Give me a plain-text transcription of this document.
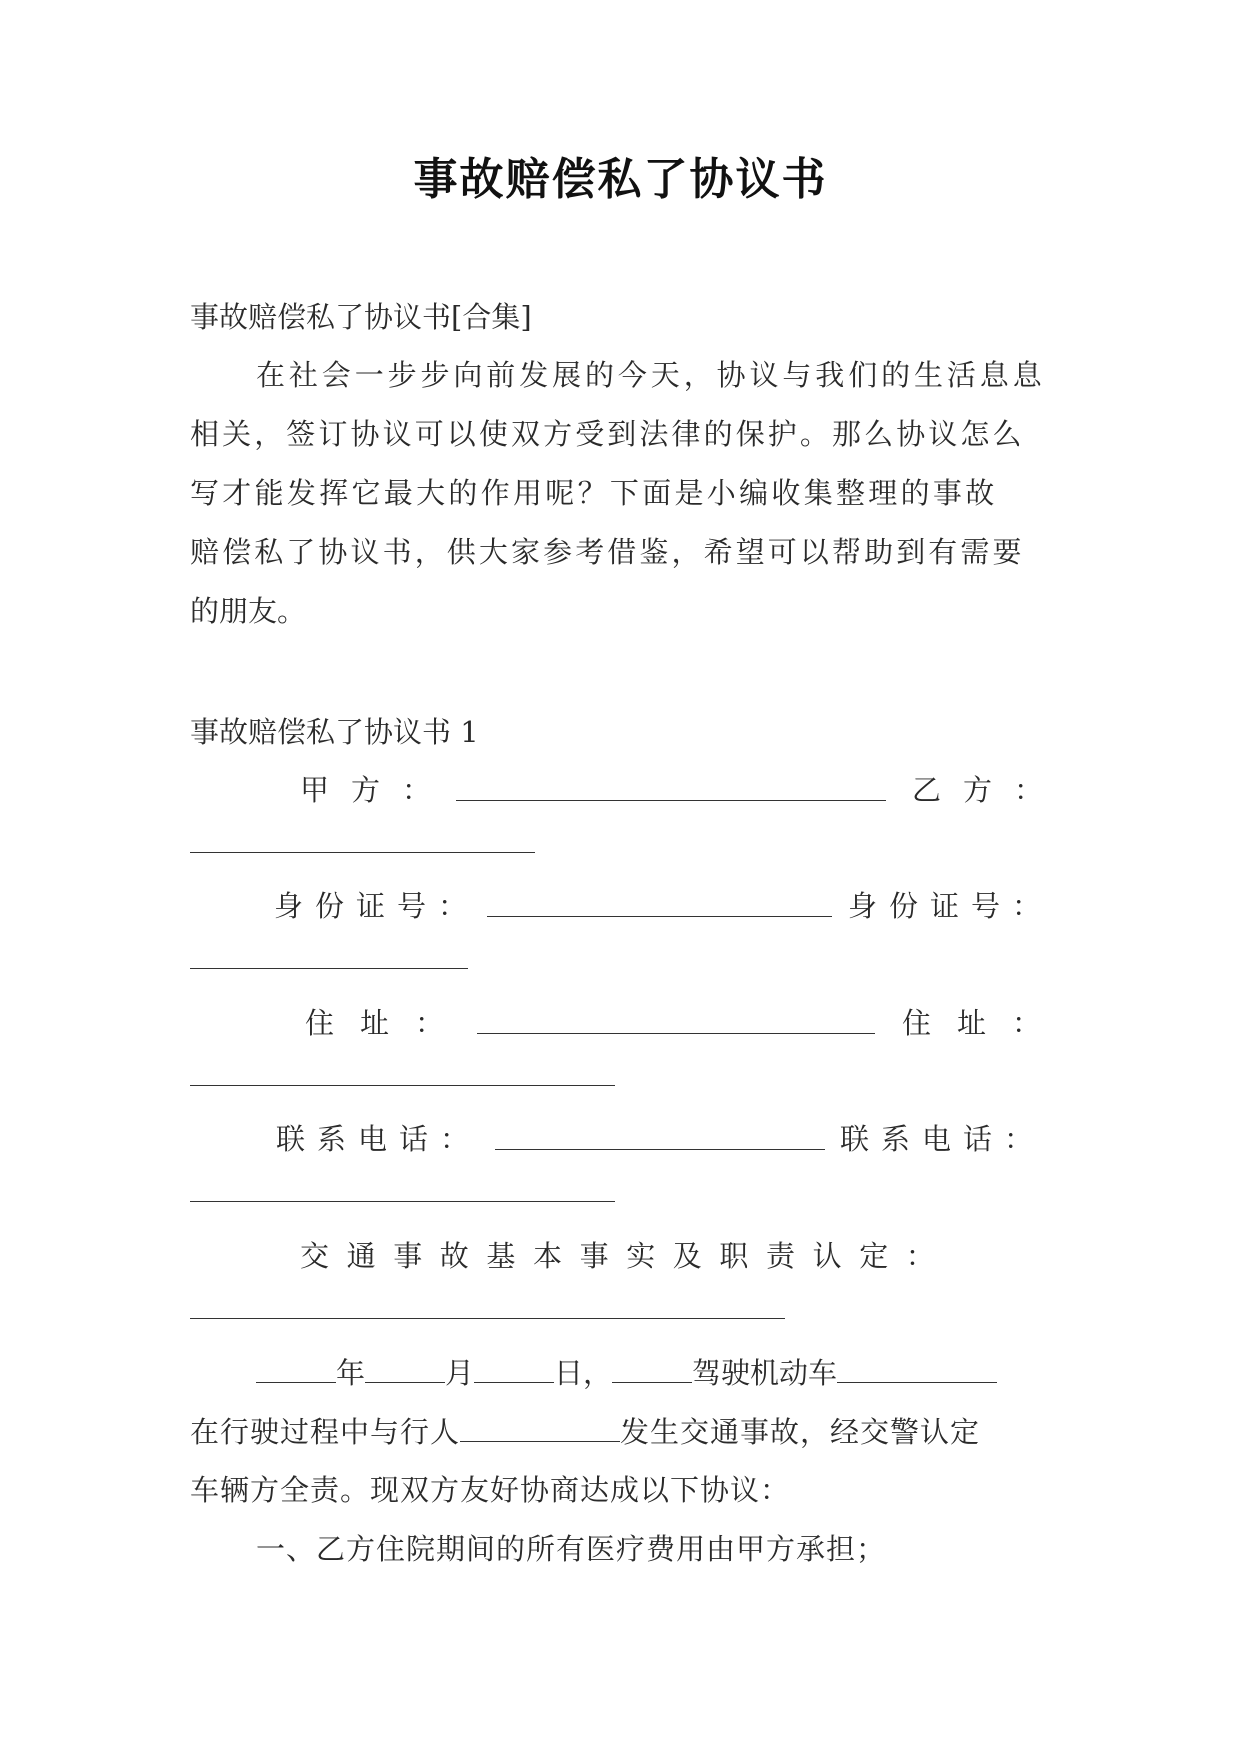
事故赔偿私了协议书
事故赔偿私了协议书[合集]
在社会一步步向前发展的今天，协议与我们的生活息息
相关，签订协议可以使双方受到法律的保护。那么协议怎么
写才能发挥它最大的作用呢？下面是小编收集整理的事故
赔偿私了协议书，供大家参考借鉴，希望可以帮助到有需要
的朋友。
事故赔偿私了协议书 1
甲方：	乙方：
身份证号：	身份证号：
住址：	住址：
联系电话：	联系电话：
交通事故基本事实及职责认定：
年	月	日，	驾驶机动车
在行驶过程中与行人	发生交通事故，经交警认定
车辆方全责。现双方友好协商达成以下协议：
一、乙方住院期间的所有医疗费用由甲方承担；
